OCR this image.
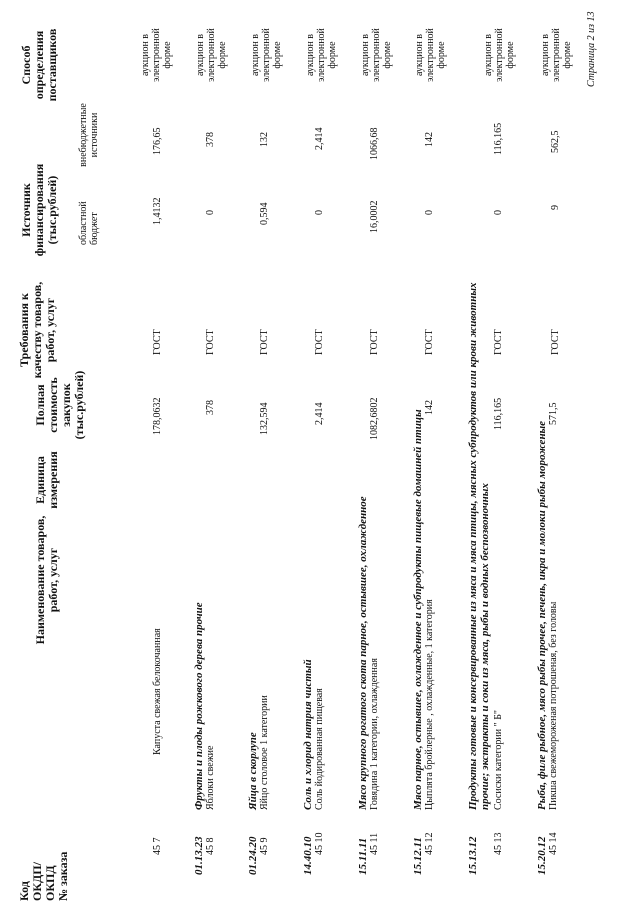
Код
ОКДП/
ОКПД
№ заказа
Наименование товаров,
работ, услуг
Единица
измерения
Полная
стоимость
закупок
(тыс.рублей)
Требования к
качеству товаров,
работ, услуг
Источник
финансирования
(тыс.рублей) областной
бюджет
внебюджетные
источники
Способ
определения
поставщиков
45 7
Капуста свежая белокочанная
178,0632
ГОСТ
1,4132
176,65
аукцион в
электронной
форме
01.13.23
Фрукты и плоды рожкового дерева прочие
45 8
Яблоки свежие
378
ГОСТ
0
378
аукцион в
электронной
форме
01.24.20
Яйца в скорлупе
45 9
Яйцо столовое 1 категории
132,594
ГОСТ
0,594
132
аукцион в
электронной
форме
14.40.10
Соль и хлорид натрия чистый
45 10
Соль йодированная пищевая
2,414
ГОСТ
0
2,414
аукцион в
электронной
форме
15.11.11
Мясо крупного рогатого скота парное, остывшее, охлажденное
45 11
Говядина 1 категории, охлажденная
1082,6802
ГОСТ
16,0002
1066,68
аукцион в
электронной
форме
15.12.11
Мясо парное, остывшее, охлажденное и субпродукты пищевые домашней птицы
45 12
Цыплята бройлерные , охлажденные, 1 категория
142
ГОСТ
0
142
аукцион в
электронной
форме
15.13.12
Продукты готовые и консервированные из мяса и мяса птицы, мясных субпродуктов или крови животных прочие; экстракты и соки из мяса, рыбы и водных беспозвоночных
45 13
Сосиски категории " Б"
116,165
ГОСТ
0
116,165
аукцион в
электронной
форме
15.20.12
Рыба, филе рыбное, мясо рыбы прочее, печень, икра и молоки рыбы мороженые
45 14
Пикша свежемороженая потрошеная, без головы
571,5
ГОСТ
9
562,5
аукцион в
электронной
форме Страница 2 из 13
